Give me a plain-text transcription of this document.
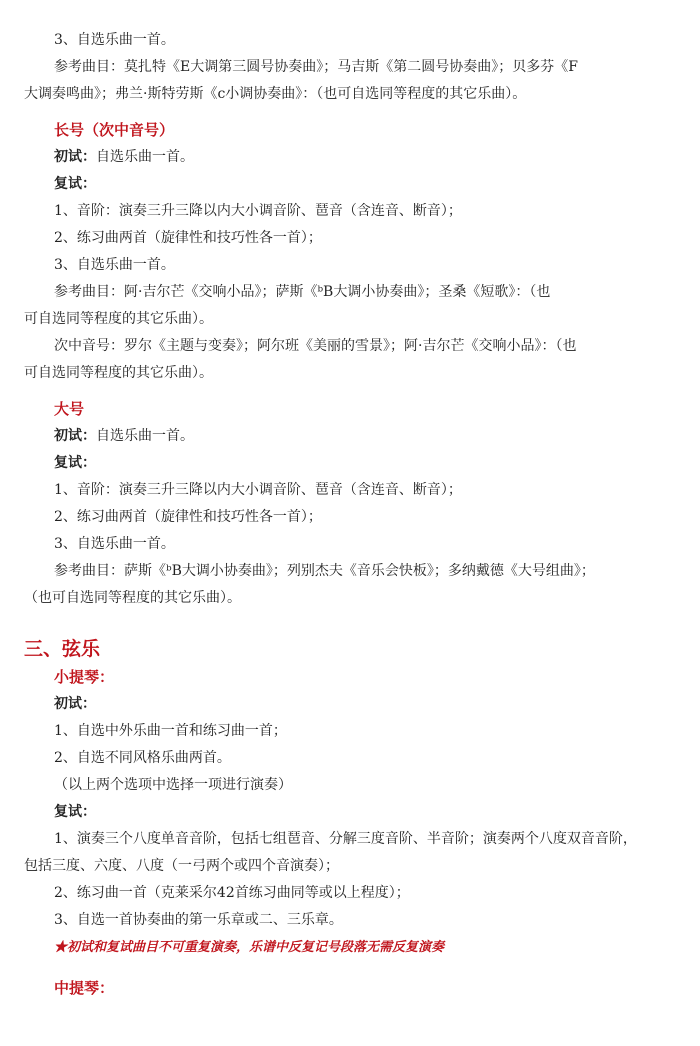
3、自选乐曲一首。

参考曲目：莫扎特《E大调第三圆号协奏曲》；马吉斯《第二圆号协奏曲》；贝多芬《F

大调奏鸣曲》；弗兰·斯特劳斯《c小调协奏曲》：（也可自选同等程度的其它乐曲）。

长号（次中音号）

初试：自选乐曲一首。

复试：

1、音阶：演奏三升三降以内大小调音阶、琶音（含连音、断音）；

2、练习曲两首（旋律性和技巧性各一首）；

3、自选乐曲一首。

参考曲目：阿·吉尔芒《交响小品》；萨斯《ᵇB大调小协奏曲》；圣桑《短歌》：（也

可自选同等程度的其它乐曲）。

次中音号：罗尔《主题与变奏》；阿尔班《美丽的雪景》；阿·吉尔芒《交响小品》：（也

可自选同等程度的其它乐曲）。

大号

初试：自选乐曲一首。

复试：

1、音阶：演奏三升三降以内大小调音阶、琶音（含连音、断音）；

2、练习曲两首（旋律性和技巧性各一首）；

3、自选乐曲一首。

参考曲目：萨斯《ᵇB大调小协奏曲》；列别杰夫《音乐会快板》；多纳戴德《大号组曲》；

（也可自选同等程度的其它乐曲）。

三、弦乐

小提琴：

初试：

1、自选中外乐曲一首和练习曲一首；

2、自选不同风格乐曲两首。

（以上两个选项中选择一项进行演奏）

复试：

1、演奏三个八度单音音阶，包括七组琶音、分解三度音阶、半音阶；演奏两个八度双音音阶，

包括三度、六度、八度（一弓两个或四个音演奏）；

2、练习曲一首（克莱采尔42首练习曲同等或以上程度）；

3、自选一首协奏曲的第一乐章或二、三乐章。

★初试和复试曲目不可重复演奏，乐谱中反复记号段落无需反复演奏

中提琴：
